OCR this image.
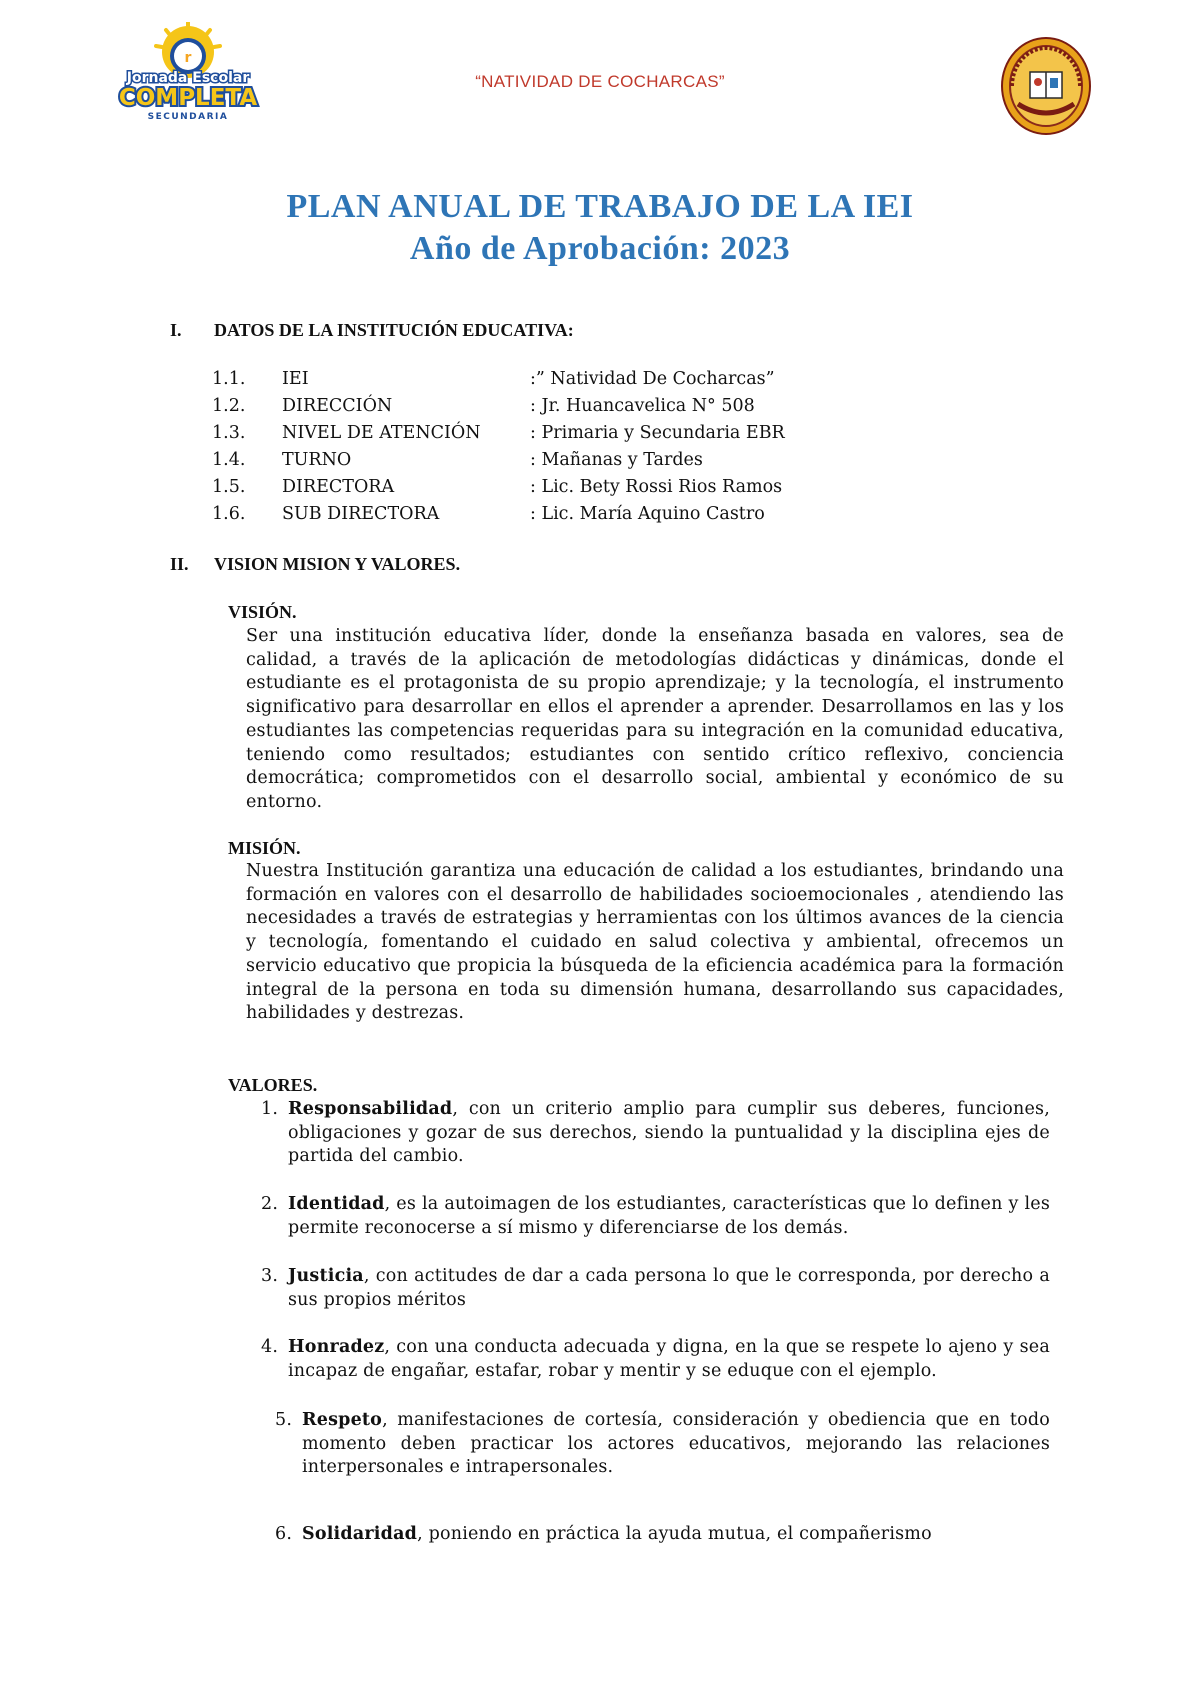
r
Jornada Escolar
COMPLETA
SECUNDARIA
“NATIVIDAD DE COCHARCAS”
PLAN ANUAL DE TRABAJO DE LA IEI
Año de Aprobación: 2023
I. DATOS DE LA INSTITUCIÓN EDUCATIVA:
1.1. IEI	:” Natividad De Cocharcas”
1.2. DIRECCIÓN	: Jr. Huancavelica N° 508
1.3. NIVEL DE ATENCIÓN	: Primaria y Secundaria EBR
1.4. TURNO	: Mañanas y Tardes
1.5. DIRECTORA	: Lic. Bety Rossi Rios Ramos
1.6. SUB DIRECTORA	: Lic. María Aquino Castro
II. VISION MISION Y VALORES.
VISIÓN.
Ser una institución educativa líder, donde la enseñanza basada en valores, sea de calidad, a través de la aplicación de metodologías didácticas y dinámicas, donde el estudiante es el protagonista de su propio aprendizaje; y la tecnología, el instrumento significativo para desarrollar en ellos el aprender a aprender. Desarrollamos en las y los estudiantes las competencias requeridas para su integración en la comunidad educativa, teniendo como resultados; estudiantes con sentido crítico reflexivo, conciencia democrática; comprometidos con el desarrollo social, ambiental y económico de su entorno.
MISIÓN.
Nuestra Institución garantiza una educación de calidad a los estudiantes, brindando una formación en valores con el desarrollo de habilidades socioemocionales , atendiendo las necesidades a través de estrategias y herramientas con los últimos avances de la ciencia y tecnología, fomentando el cuidado en salud colectiva y ambiental, ofrecemos un servicio educativo que propicia la búsqueda de la eficiencia académica para la formación integral de la persona en toda su dimensión humana, desarrollando sus capacidades, habilidades y destrezas.
VALORES.
1. Responsabilidad, con un criterio amplio para cumplir sus deberes, funciones, obligaciones y gozar de sus derechos, siendo la puntualidad y la disciplina ejes de partida del cambio.
2. Identidad, es la autoimagen de los estudiantes, características que lo definen y les permite reconocerse a sí mismo y diferenciarse de los demás.
3. Justicia, con actitudes de dar a cada persona lo que le corresponda, por derecho a sus propios méritos
4. Honradez, con una conducta adecuada y digna, en la que se respete lo ajeno y sea incapaz de engañar, estafar, robar y mentir y se eduque con el ejemplo.
5. Respeto, manifestaciones de cortesía, consideración y obediencia que en todo momento deben practicar los actores educativos, mejorando las relaciones interpersonales e intrapersonales.
6. Solidaridad, poniendo en práctica la ayuda mutua, el compañerismo
